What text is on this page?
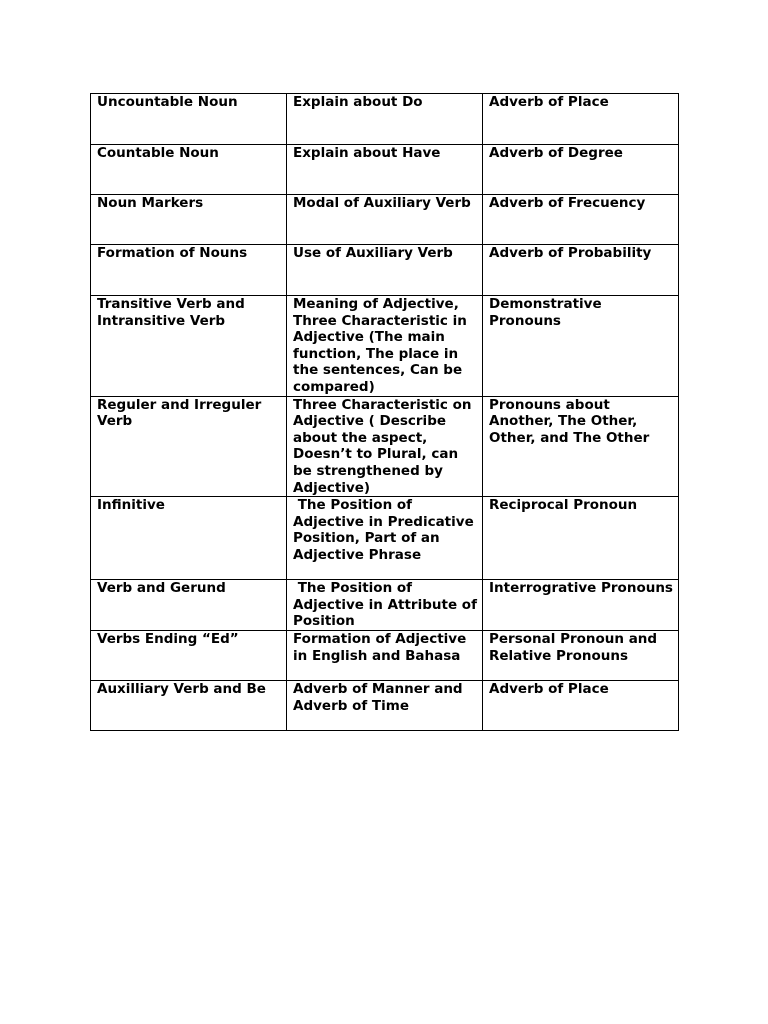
Uncountable Noun	Explain about Do	Adverb of Place
Countable Noun	Explain about Have	Adverb of Degree
Noun Markers	Modal of Auxiliary Verb	Adverb of Frecuency
Formation of Nouns	Use of Auxiliary Verb	Adverb of Probability
Transitive Verb and Intransitive Verb	Meaning of Adjective, Three Characteristic in Adjective (The main function, The place in the sentences, Can be compared)	Demonstrative Pronouns
Reguler and Irreguler Verb	Three Characteristic on Adjective ( Describe about the aspect, Doesn’t to Plural, can be strengthened by Adjective)	Pronouns about Another, The Other, Other, and The Other
Infinitive	The Position of Adjective in Predicative Position, Part of an Adjective Phrase	Reciprocal Pronoun
Verb and Gerund	The Position of Adjective in Attribute of Position	Interrogrative Pronouns
Verbs Ending “Ed”	Formation of Adjective in English and Bahasa	Personal Pronoun and Relative Pronouns
Auxilliary Verb and Be	Adverb of Manner and Adverb of Time	Adverb of Place
